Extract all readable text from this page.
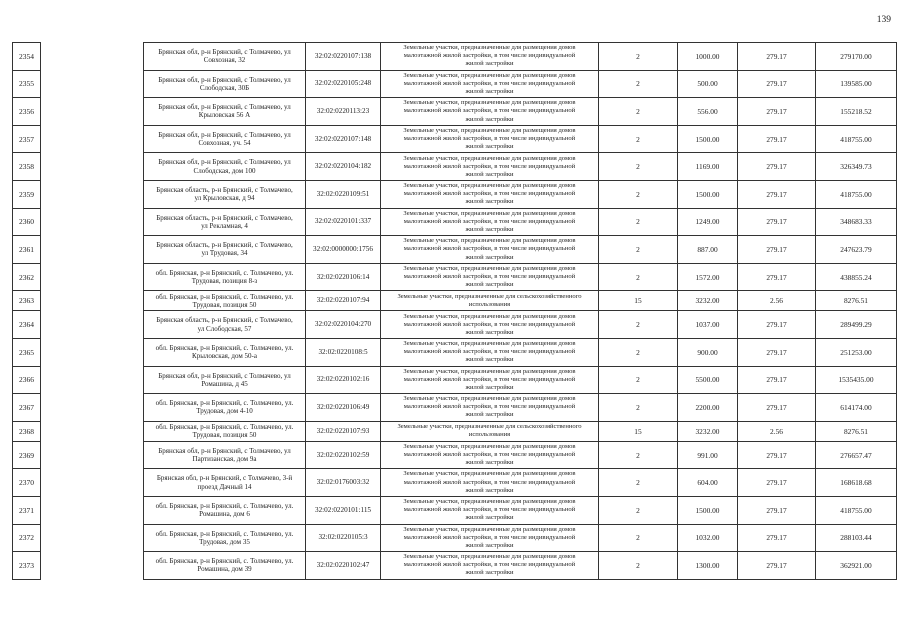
139
2354		Брянская обл, р-н Брянский, с Толмачево, ул Совхозная, 32	32:02:0220107:138	Земельные участки, предназначенные для размещения домов малоэтажной жилой застройки, в том числе индивидуальной жилой застройки	2	1000.00	279.17	279170.00
2355		Брянская обл, р-н Брянский, с Толмачево, ул Слободская, 30Б	32:02:0220105:248	Земельные участки, предназначенные для размещения домов малоэтажной жилой застройки, в том числе индивидуальной жилой застройки	2	500.00	279.17	139585.00
2356		Брянская обл, р-н Брянский, с Толмачево, ул Крыловская 56 А	32:02:0220113:23	Земельные участки, предназначенные для размещения домов малоэтажной жилой застройки, в том числе индивидуальной жилой застройки	2	556.00	279.17	155218.52
2357		Брянская обл, р-н Брянский, с Толмачево, ул Совхозная, уч. 54	32:02:0220107:148	Земельные участки, предназначенные для размещения домов малоэтажной жилой застройки, в том числе индивидуальной жилой застройки	2	1500.00	279.17	418755.00
2358		Брянская обл, р-н Брянский, с Толмачево, ул Слободская, дом 100	32:02:0220104:182	Земельные участки, предназначенные для размещения домов малоэтажной жилой застройки, в том числе индивидуальной жилой застройки	2	1169.00	279.17	326349.73
2359		Брянская область, р-н Брянский, с Толмачево, ул Крыловская, д 94	32:02:0220109:51	Земельные участки, предназначенные для размещения домов малоэтажной жилой застройки, в том числе индивидуальной жилой застройки	2	1500.00	279.17	418755.00
2360		Брянская область, р-н Брянский, с Толмачево, ул Рекламная, 4	32:02:0220101:337	Земельные участки, предназначенные для размещения домов малоэтажной жилой застройки, в том числе индивидуальной жилой застройки	2	1249.00	279.17	348683.33
2361		Брянская область, р-н Брянский, с Толмачево, ул Трудовая, 34	32:02:0000000:1756	Земельные участки, предназначенные для размещения домов малоэтажной жилой застройки, в том числе индивидуальной жилой застройки	2	887.00	279.17	247623.79
2362		обл. Брянская, р-н Брянский, с. Толмачево, ул. Трудовая, позиция 8-з	32:02:0220106:14	Земельные участки, предназначенные для размещения домов малоэтажной жилой застройки, в том числе индивидуальной жилой застройки	2	1572.00	279.17	438855.24
2363		обл. Брянская, р-н Брянский, с. Толмачево, ул. Трудовая, позиция 50	32:02:0220107:94	Земельные участки, предназначенные для сельскохозяйственного использования	15	3232.00	2.56	8276.51
2364		Брянская область, р-н Брянский, с Толмачево, ул Слободская, 57	32:02:0220104:270	Земельные участки, предназначенные для размещения домов малоэтажной жилой застройки, в том числе индивидуальной жилой застройки	2	1037.00	279.17	289499.29
2365		обл. Брянская, р-н Брянский, с. Толмачево, ул. Крыловская, дом 50-а	32:02:0220108:5	Земельные участки, предназначенные для размещения домов малоэтажной жилой застройки, в том числе индивидуальной жилой застройки	2	900.00	279.17	251253.00
2366		Брянская обл, р-н Брянский, с Толмачево, ул Ромашина, д 45	32:02:0220102:16	Земельные участки, предназначенные для размещения домов малоэтажной жилой застройки, в том числе индивидуальной жилой застройки	2	5500.00	279.17	1535435.00
2367		обл. Брянская, р-н Брянский, с. Толмачево, ул. Трудовая, дом 4-10	32:02:0220106:49	Земельные участки, предназначенные для размещения домов малоэтажной жилой застройки, в том числе индивидуальной жилой застройки	2	2200.00	279.17	614174.00
2368		обл. Брянская, р-н Брянский, с. Толмачево, ул. Трудовая, позиция 50	32:02:0220107:93	Земельные участки, предназначенные для сельскохозяйственного использования	15	3232.00	2.56	8276.51
2369		Брянская обл, р-н Брянский, с Толмачево, ул Партизанская, дом 9а	32:02:0220102:59	Земельные участки, предназначенные для размещения домов малоэтажной жилой застройки, в том числе индивидуальной жилой застройки	2	991.00	279.17	276657.47
2370		Брянская обл, р-н Брянский, с Толмачево, 3-й проезд Дачный 14	32:02:0176003:32	Земельные участки, предназначенные для размещения домов малоэтажной жилой застройки, в том числе индивидуальной жилой застройки	2	604.00	279.17	168618.68
2371		обл. Брянская, р-н Брянский, с. Толмачево, ул. Ромашина, дом 6	32:02:0220101:115	Земельные участки, предназначенные для размещения домов малоэтажной жилой застройки, в том числе индивидуальной жилой застройки	2	1500.00	279.17	418755.00
2372		обл. Брянская, р-н Брянский, с. Толмачево, ул. Трудовая, дом 35	32:02:0220105:3	Земельные участки, предназначенные для размещения домов малоэтажной жилой застройки, в том числе индивидуальной жилой застройки	2	1032.00	279.17	288103.44
2373		обл. Брянская, р-н Брянский, с. Толмачево, ул. Ромашина, дом 39	32:02:0220102:47	Земельные участки, предназначенные для размещения домов малоэтажной жилой застройки, в том числе индивидуальной жилой застройки	2	1300.00	279.17	362921.00
